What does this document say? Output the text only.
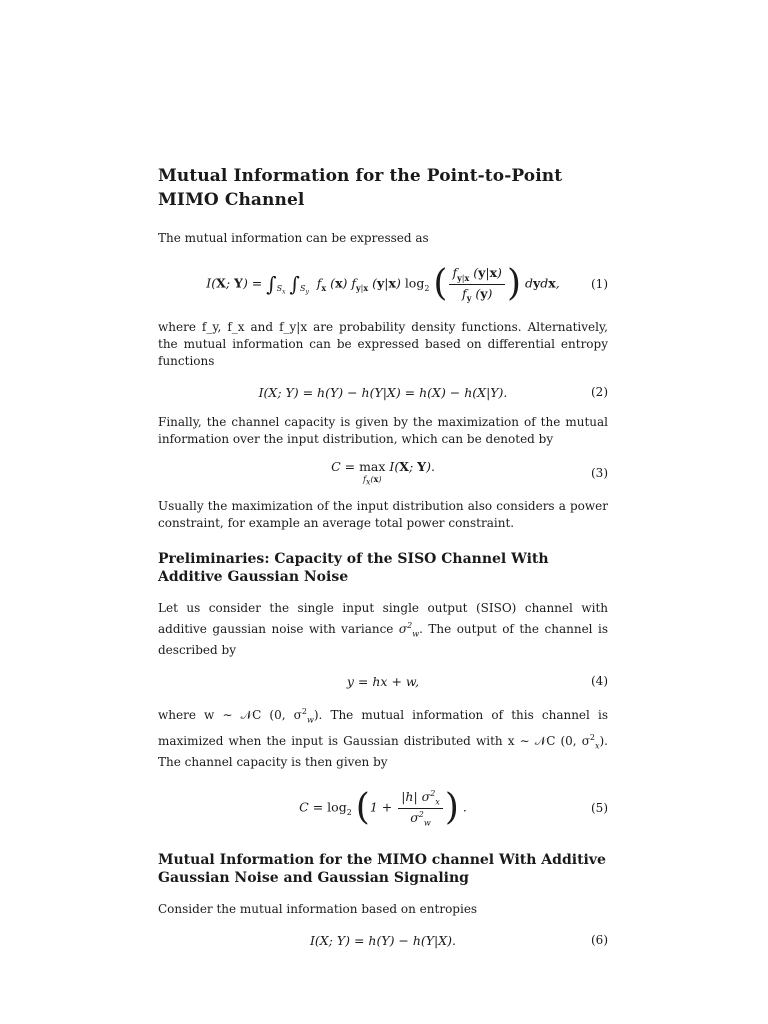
Mutual Information for the Point-to-Point MIMO Channel

The mutual information can be expressed as

I(X; $Y) = \int_{S_x}$ $\int_{S_y}$  $f_x$ (x) $f_{y|x}$ (y|x) $\log_2$ ( $\frac{f_{y|x} (y|x)}{f_y (y)}$ ) dydx,	(1)

where f_y, f_x and f_y|x are probability density functions. Alternatively, the mutual information can be expressed based on differential entropy functions

I(X; Y) = h(Y) − h(Y|X) = h(X) − h(X|Y).	(2)

Finally, the channel capacity is given by the maximization of the mutual information over the input distribution, which can be denoted by

C = max
$f_x(x)$
I(X; Y).	(3)

Usually the maximization of the input distribution also considers a power constraint, for example an average total power constraint.

Preliminaries: Capacity of the SISO Channel With Additive Gaussian Noise

Let us consider the single input single output (SISO) channel with additive gaussian noise with variance $\sigma^2_w$. The output of the channel is described by

y = hx + w,	(4)

where w ∼ 𝒩C (0, $\sigma^2_w$). The mutual information of this channel is maximized when the input is Gaussian distributed with x ∼ 𝒩C (0, $\sigma^2_x$). The channel capacity is then given by

$C = \log_2 (1 + \frac{|h| \sigma^2_x}{\sigma^2_w}$ ) .	(5)
Mutual Information for the MIMO channel With Additive Gaussian Noise and Gaussian Signaling

Consider the mutual information based on entropies

I(X; Y) = h(Y) − h(Y|X).	(6)
